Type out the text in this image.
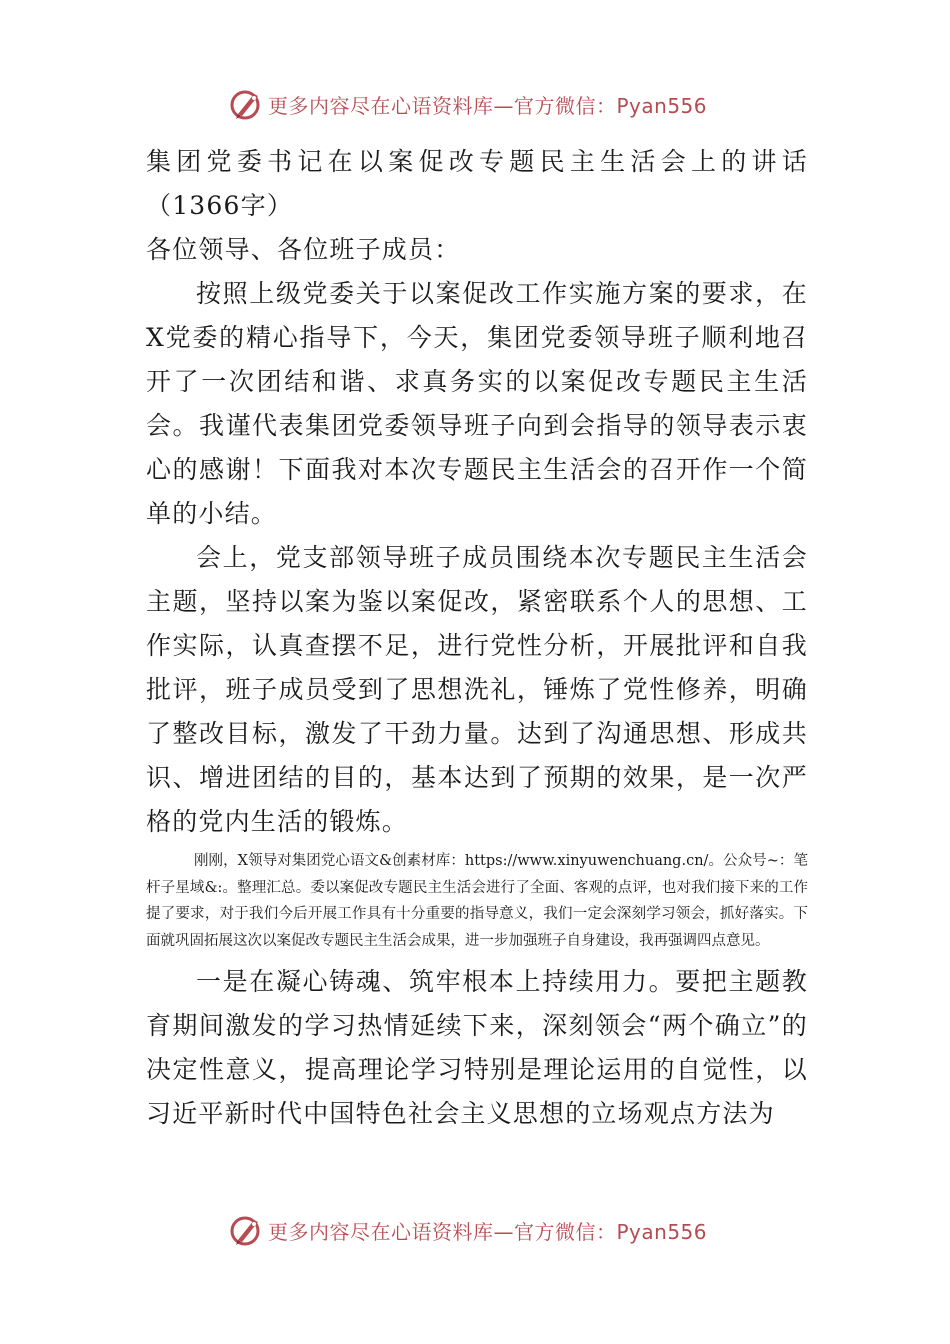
更多内容尽在心语资料库—官方微信：Pyan556

集团党委书记在以案促改专题民主生活会上的讲话（1366字）

各位领导、各位班子成员：

按照上级党委关于以案促改工作实施方案的要求，在X党委的精心指导下，今天，集团党委领导班子顺利地召开了一次团结和谐、求真务实的以案促改专题民主生活会。我谨代表集团党委领导班子向到会指导的领导表示衷心的感谢！下面我对本次专题民主生活会的召开作一个简单的小结。

会上，党支部领导班子成员围绕本次专题民主生活会主题，坚持以案为鉴以案促改，紧密联系个人的思想、工作实际，认真查摆不足，进行党性分析，开展批评和自我批评，班子成员受到了思想洗礼，锤炼了党性修养，明确了整改目标，激发了干劲力量。达到了沟通思想、形成共识、增进团结的目的，基本达到了预期的效果，是一次严格的党内生活的锻炼。

刚刚，X领导对集团党心语文&创素材库：https://www.xinyuwenchuang.cn/。公众号~：笔杆子星域&:。整理汇总。委以案促改专题民主生活会进行了全面、客观的点评，也对我们接下来的工作提了要求，对于我们今后开展工作具有十分重要的指导意义，我们一定会深刻学习领会，抓好落实。下面就巩固拓展这次以案促改专题民主生活会成果，进一步加强班子自身建设，我再强调四点意见。

一是在凝心铸魂、筑牢根本上持续用力。要把主题教育期间激发的学习热情延续下来，深刻领会“两个确立”的决定性意义，提高理论学习特别是理论运用的自觉性，以习近平新时代中国特色社会主义思想的立场观点方法为

更多内容尽在心语资料库—官方微信：Pyan556
